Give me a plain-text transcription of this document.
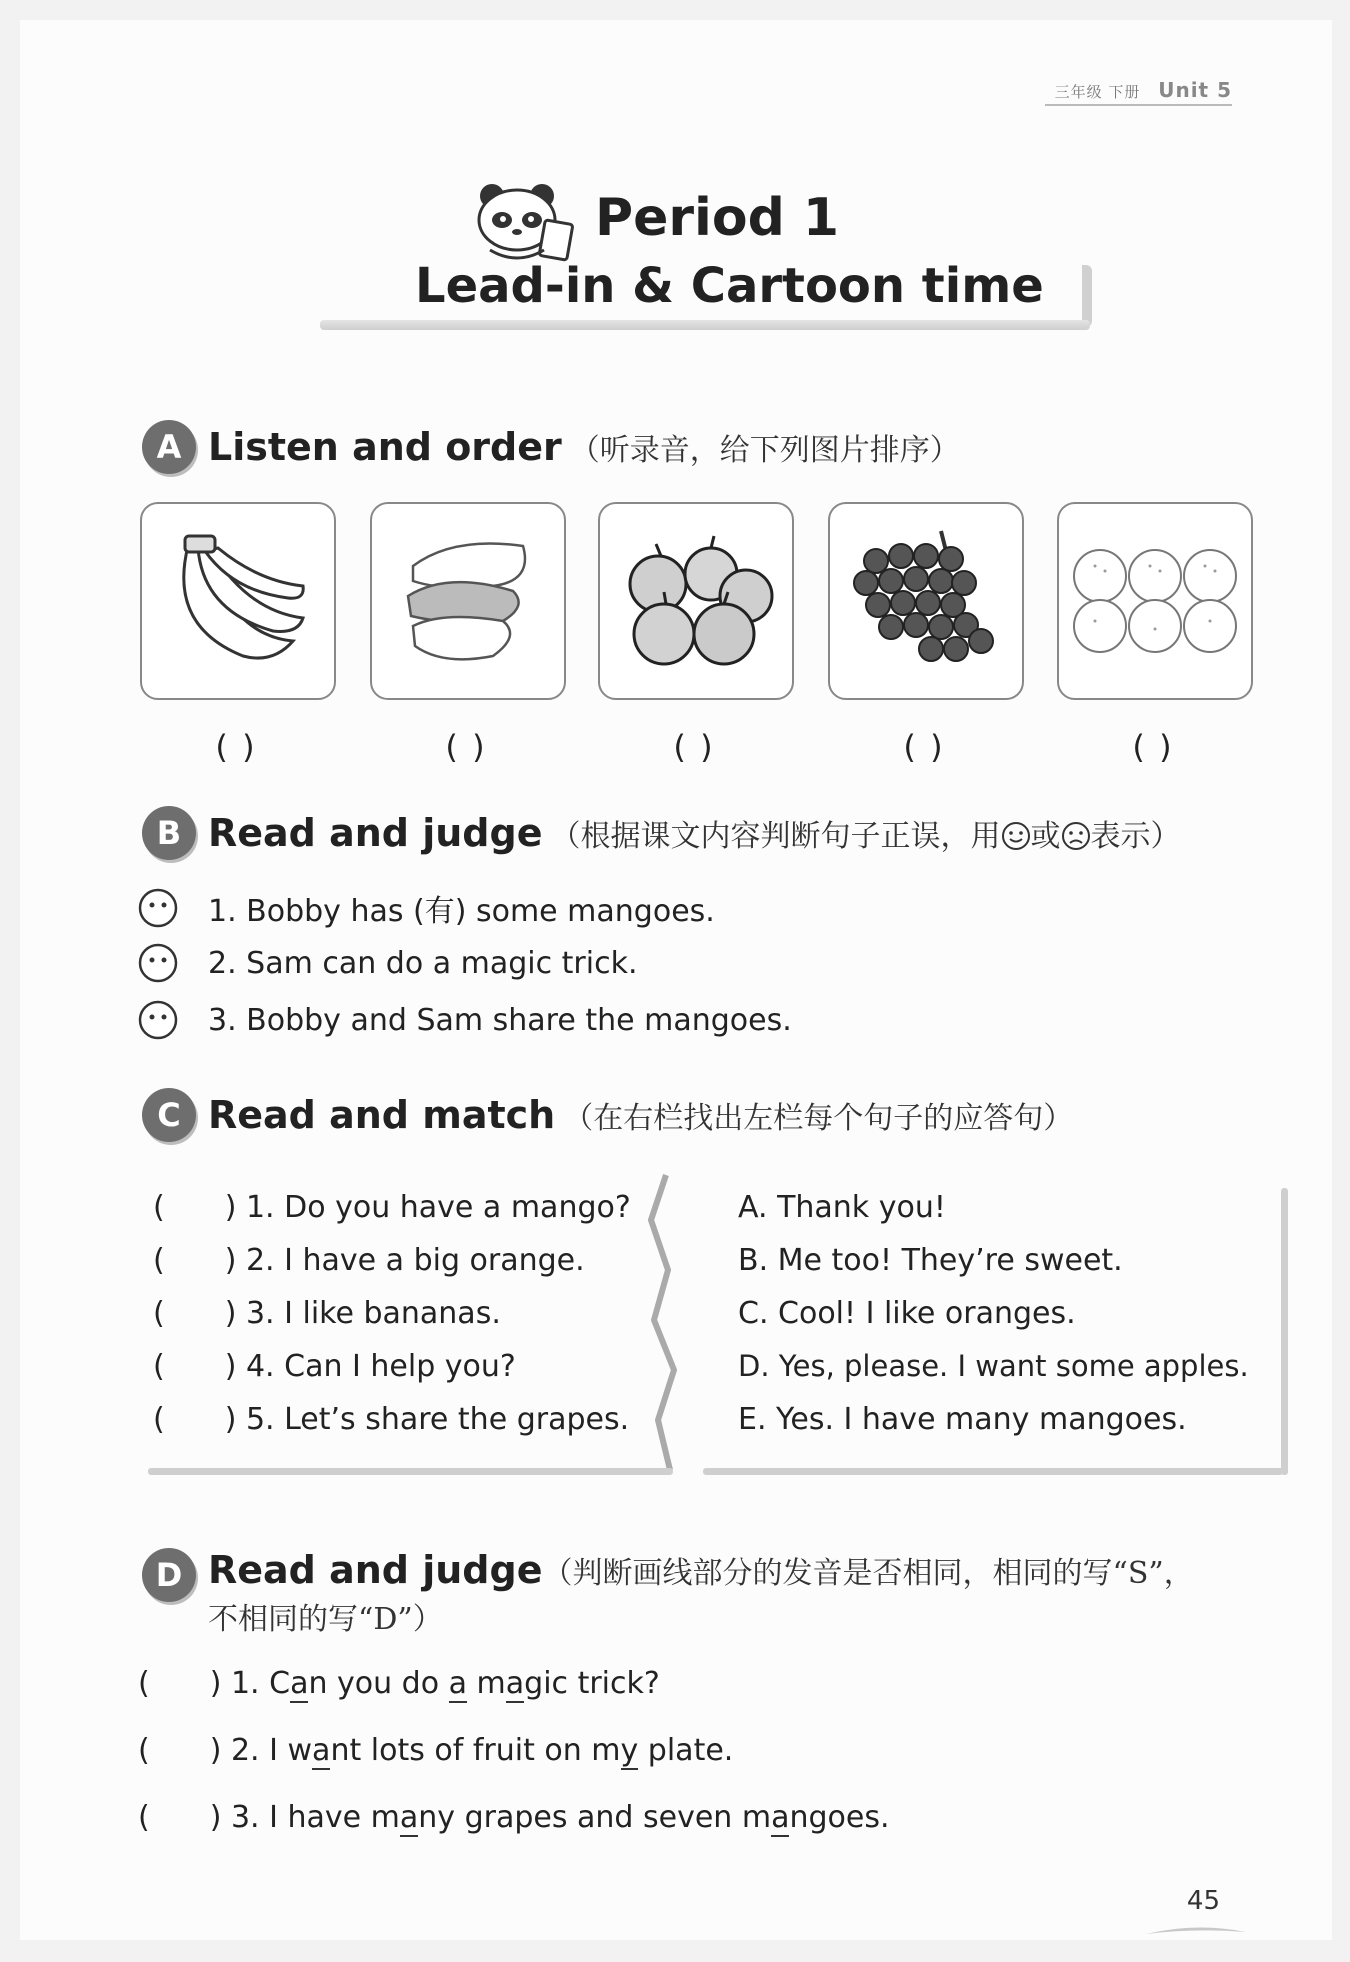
三年级 下册 Unit 5
Period 1
Lead-in & Cartoon time
A Listen and order （听录音，给下列图片排序）
( )	( )	( )	( )	( )
B Read and judge （根据课文内容判断句子正误，用 或 表示）
1. Bobby has (有) some mangoes.
2. Sam can do a magic trick.
3. Bobby and Sam share the mangoes.
C Read and match （在右栏找出左栏每个句子的应答句）
( ) 1. Do you have a mango?
( ) 2. I have a big orange.
( ) 3. I like bananas.
( ) 4. Can I help you?
( ) 5. Let’s share the grapes.
A. Thank you!
B. Me too! They’re sweet.
C. Cool! I like oranges.
D. Yes, please. I want some apples.
E. Yes. I have many mangoes.
D Read and judge（判断画线部分的发音是否相同，相同的写“S”，
不相同的写“D”）
( ) 1. Can you do a magic trick?
( ) 2. I want lots of fruit on my plate.
( ) 3. I have many grapes and seven mangoes.
45
